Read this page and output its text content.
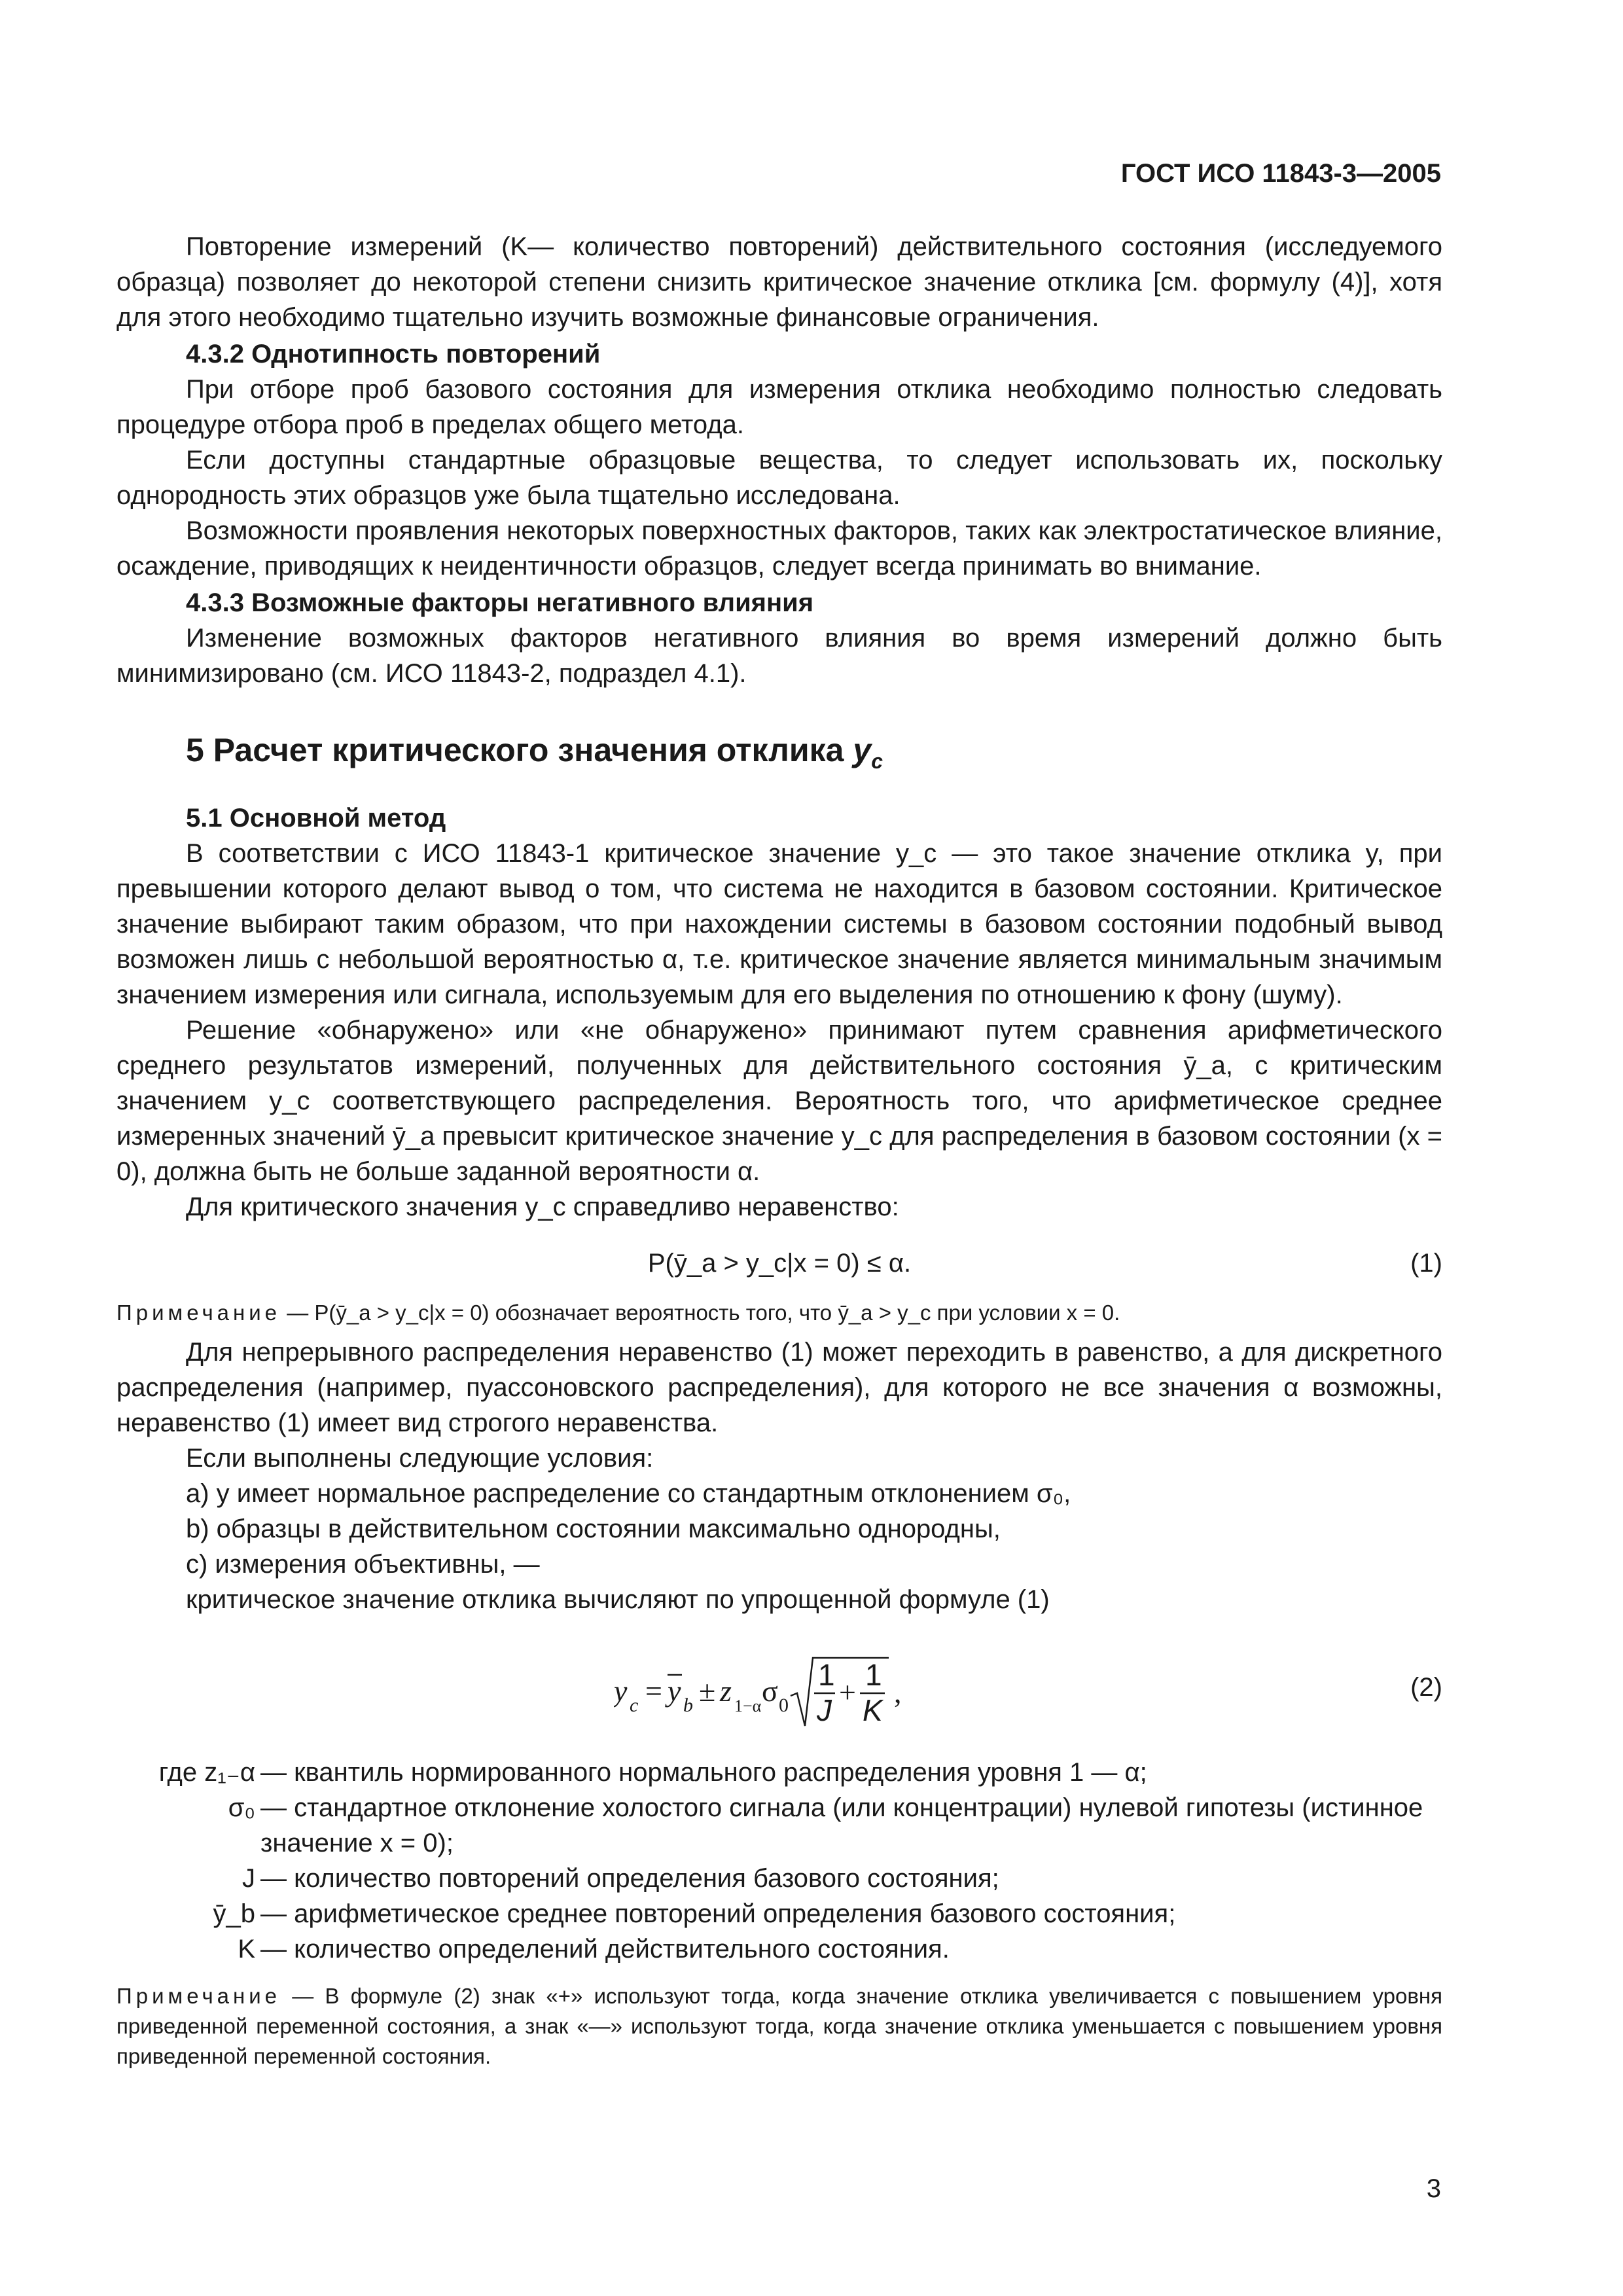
ГОСТ ИСО 11843-3—2005

Повторение измерений (K— количество повторений) действительного состояния (исследуемого образца) позволяет до некоторой степени снизить критическое значение отклика [см. формулу (4)], хотя для этого необходимо тщательно изучить возможные финансовые ограничения.

4.3.2 Однотипность повторений

При отборе проб базового состояния для измерения отклика необходимо полностью следовать процедуре отбора проб в пределах общего метода.

Если доступны стандартные образцовые вещества, то следует использовать их, поскольку однородность этих образцов уже была тщательно исследована.

Возможности проявления некоторых поверхностных факторов, таких как электростатическое влияние, осаждение, приводящих к неидентичности образцов, следует всегда принимать во внимание.

4.3.3 Возможные факторы негативного влияния

Изменение возможных факторов негативного влияния во время измерений должно быть минимизировано (см. ИСО 11843-2, подраздел 4.1).

5 Расчет критического значения отклика $y_c$

5.1 Основной метод

В соответствии с ИСО 11843-1 критическое значение y_c — это такое значение отклика y, при превышении которого делают вывод о том, что система не находится в базовом состоянии. Критическое значение выбирают таким образом, что при нахождении системы в базовом состоянии подобный вывод возможен лишь с небольшой вероятностью α, т.е. критическое значение является минимальным значимым значением измерения или сигнала, используемым для его выделения по отношению к фону (шуму).

Решение «обнаружено» или «не обнаружено» принимают путем сравнения арифметического среднего результатов измерений, полученных для действительного состояния ȳ_a, с критическим значением y_c соответствующего распределения. Вероятность того, что арифметическое среднее измеренных значений ȳ_a превысит критическое значение y_c для распределения в базовом состоянии (x = 0), должна быть не больше заданной вероятности α.

Для критического значения y_c справедливо неравенство:

P(ȳ_a > y_c|x = 0) ≤ α.	(1)

Примечание — P(ȳ_a > y_c|x = 0) обозначает вероятность того, что ȳ_a > y_c при условии x = 0.

Для непрерывного распределения неравенство (1) может переходить в равенство, а для дискретного распределения (например, пуассоновского распределения), для которого не все значения α возможны, неравенство (1) имеет вид строгого неравенства.

Если выполнены следующие условия:

a) y имеет нормальное распределение со стандартным отклонением σ₀,

b) образцы в действительном состоянии максимально однородны,

c) измерения объективны, —

критическое значение отклика вычисляют по упрощенной формуле (1)

y c = y b ± z 1−α σ 0
1
J
+
1
K
,	(2)
где z₁₋α — квантиль нормированного нормального распределения уровня 1 — α;
σ₀ — стандартное отклонение холостого сигнала (или концентрации) нулевой гипотезы (истинное значение x = 0);
J — количество повторений определения базового состояния;
ȳ_b — арифметическое среднее повторений определения базового состояния;
K — количество определений действительного состояния.

Примечание — В формуле (2) знак «+» используют тогда, когда значение отклика увеличивается с повышением уровня приведенной переменной состояния, а знак «—» используют тогда, когда значение отклика уменьшается с повышением уровня приведенной переменной состояния.

3
